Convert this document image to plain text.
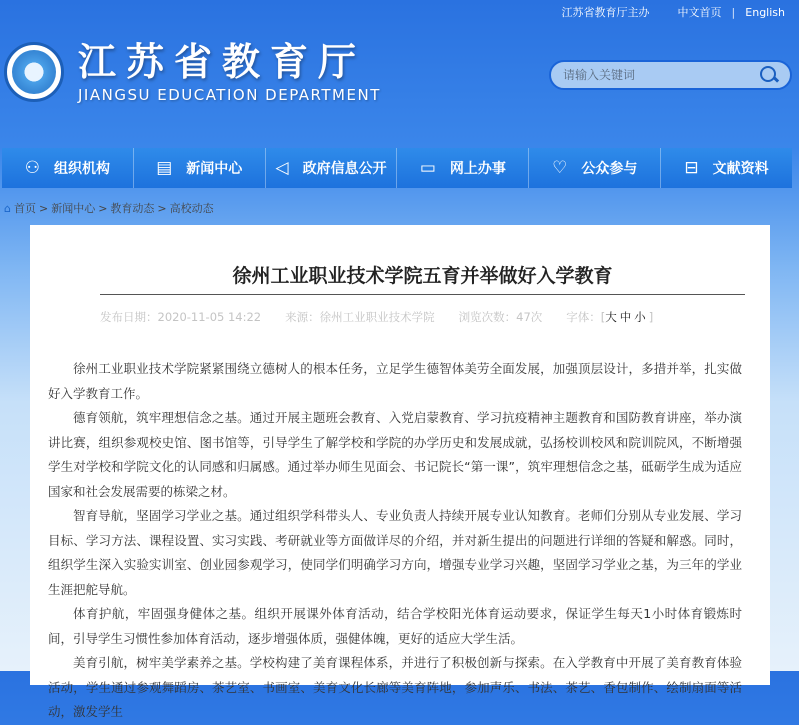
江苏省教育厅主办	中文首页 | English
江苏省教育厅
JIANGSU EDUCATION DEPARTMENT
请输入关键词
⚇ 组织机构	▤ 新闻中心 ◁ 政府信息公开 ▭ 网上办事	♡ 公众参与	⊟ 文献资料
⌂ 首页 > 新闻中心 > 教育动态 > 高校动态
徐州工业职业技术学院五育并举做好入学教育
发布日期：2020-11-05 14:22 来源：徐州工业职业技术学院 浏览次数：47次 字体：[大中小]

徐州工业职业技术学院紧紧围绕立德树人的根本任务，立足学生德智体美劳全面发展，加强顶层设计，多措并举，扎实做好入学教育工作。

德育领航，筑牢理想信念之基。通过开展主题班会教育、入党启蒙教育、学习抗疫精神主题教育和国防教育讲座，举办演讲比赛，组织参观校史馆、图书馆等，引导学生了解学校和学院的办学历史和发展成就，弘扬校训校风和院训院风，不断增强学生对学校和学院文化的认同感和归属感。通过举办师生见面会、书记院长“第一课”，筑牢理想信念之基，砥砺学生成为适应国家和社会发展需要的栋梁之材。

智育导航，坚固学习学业之基。通过组织学科带头人、专业负责人持续开展专业认知教育。老师们分别从专业发展、学习目标、学习方法、课程设置、实习实践、考研就业等方面做详尽的介绍，并对新生提出的问题进行详细的答疑和解惑。同时，组织学生深入实验实训室、创业园参观学习，使同学们明确学习方向，增强专业学习兴趣，坚固学习学业之基，为三年的学业生涯把舵导航。

体育护航，牢固强身健体之基。组织开展课外体育活动，结合学校阳光体育运动要求，保证学生每天1小时体育锻炼时间，引导学生习惯性参加体育活动，逐步增强体质，强健体魄，更好的适应大学生活。

美育引航，树牢美学素养之基。学校构建了美育课程体系，并进行了积极创新与探索。在入学教育中开展了美育教育体验活动，学生通过参观舞蹈房、茶艺室、书画室、美育文化长廊等美育阵地，参加声乐、书法、茶艺、香包制作、绘制扇面等活动，激发学生
